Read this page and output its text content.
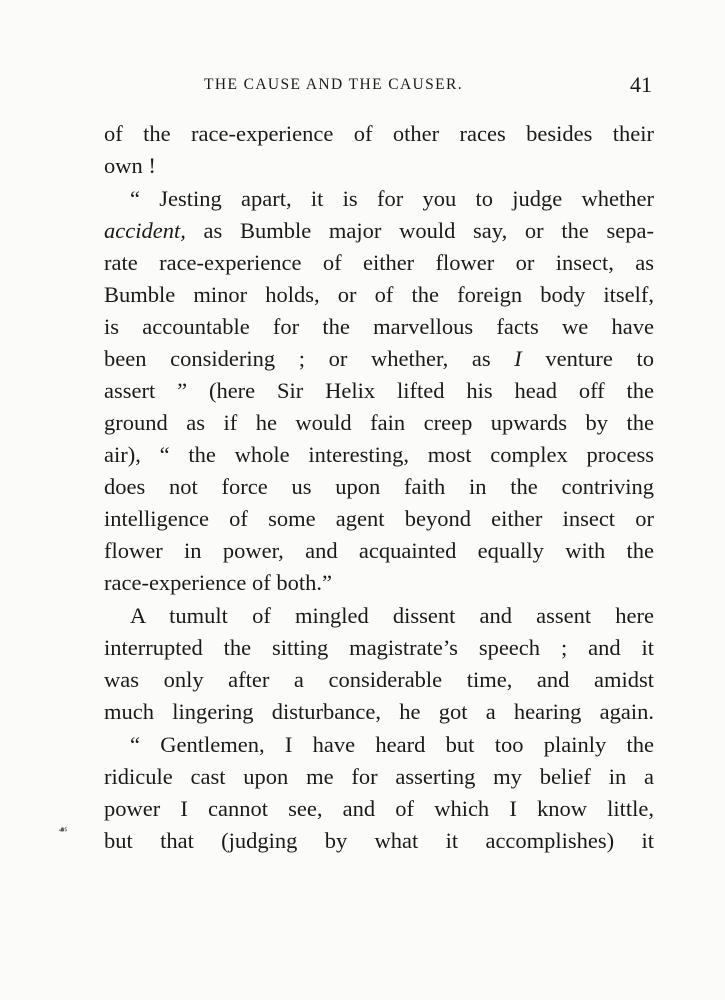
THE CAUSE AND THE CAUSER.	41
of the race-experience of other races besides their
own !
“ Jesting apart, it is for you to judge whether
accident, as Bumble major would say, or the sepa-
rate race-experience of either flower or insect, as
Bumble minor holds, or of the foreign body itself,
is accountable for the marvellous facts we have
been considering ; or whether, as I venture to
assert ” (here Sir Helix lifted his head off the
ground as if he would fain creep upwards by the
air), “ the whole interesting, most complex process
does not force us upon faith in the contriving
intelligence of some agent beyond either insect or
flower in power, and acquainted equally with the
race-experience of both.”
A tumult of mingled dissent and assent here
interrupted the sitting magistrate’s speech ; and it
was only after a considerable time, and amidst
much lingering disturbance, he got a hearing again.
“ Gentlemen, I have heard but too plainly the
ridicule cast upon me for asserting my belief in a
power I cannot see, and of which I know little,
but that (judging by what it accomplishes) it
☙
